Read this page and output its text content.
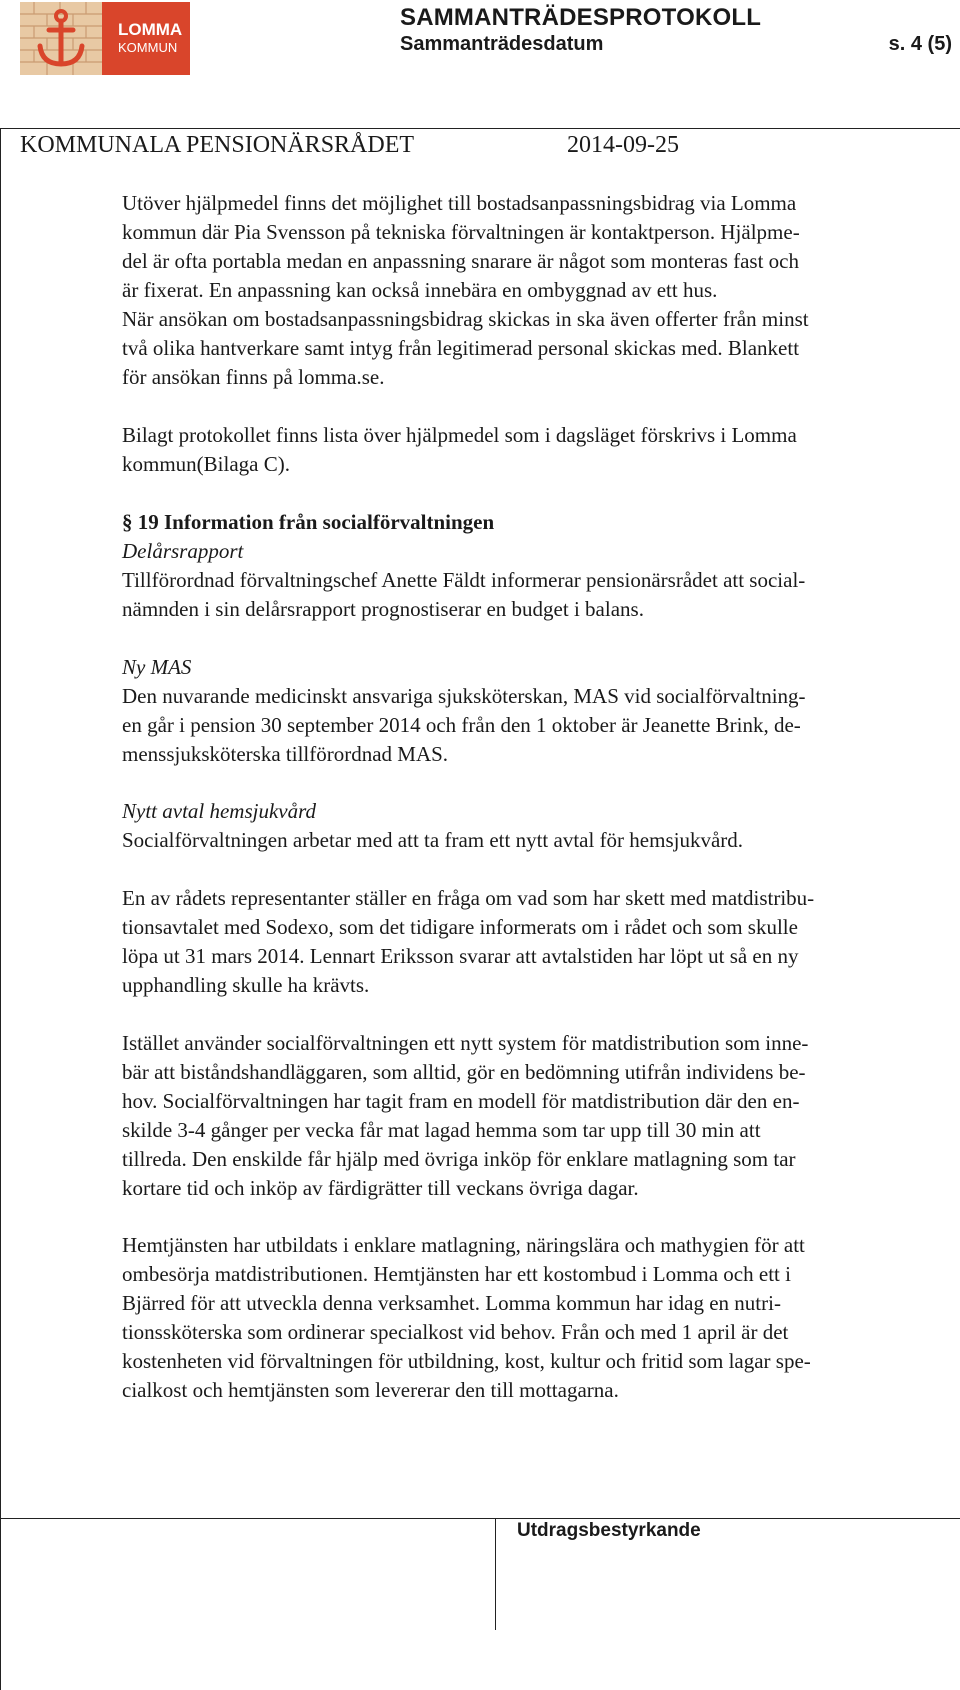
LOMMA
KOMMUN
SAMMANTRÄDESPROTOKOLL
Sammanträdesdatum	s. 4 (5)
KOMMUNALA PENSIONÄRSRÅDET	2014-09-25
Utöver hjälpmedel finns det möjlighet till bostadsanpassningsbidrag via Lomma
kommun där Pia Svensson på tekniska förvaltningen är kontaktperson. Hjälpme-
del är ofta portabla medan en anpassning snarare är något som monteras fast och
är fixerat. En anpassning kan också innebära en ombyggnad av ett hus.
När ansökan om bostadsanpassningsbidrag skickas in ska även offerter från minst
två olika hantverkare samt intyg från legitimerad personal skickas med. Blankett
för ansökan finns på lomma.se.
Bilagt protokollet finns lista över hjälpmedel som i dagsläget förskrivs i Lomma
kommun(Bilaga C).
§ 19 Information från socialförvaltningen
Delårsrapport
Tillförordnad förvaltningschef Anette Fäldt informerar pensionärsrådet att social-
nämnden i sin delårsrapport prognostiserar en budget i balans.
Ny MAS
Den nuvarande medicinskt ansvariga sjuksköterskan, MAS vid socialförvaltning-
en går i pension 30 september 2014 och från den 1 oktober är Jeanette Brink, de-
menssjuksköterska tillförordnad MAS.
Nytt avtal hemsjukvård
Socialförvaltningen arbetar med att ta fram ett nytt avtal för hemsjukvård.
En av rådets representanter ställer en fråga om vad som har skett med matdistribu-
tionsavtalet med Sodexo, som det tidigare informerats om i rådet och som skulle
löpa ut 31 mars 2014. Lennart Eriksson svarar att avtalstiden har löpt ut så en ny
upphandling skulle ha krävts.
Istället använder socialförvaltningen ett nytt system för matdistribution som inne-
bär att biståndshandläggaren, som alltid, gör en bedömning utifrån individens be-
hov. Socialförvaltningen har tagit fram en modell för matdistribution där den en-
skilde 3-4 gånger per vecka får mat lagad hemma som tar upp till 30 min att
tillreda. Den enskilde får hjälp med övriga inköp för enklare matlagning som tar
kortare tid och inköp av färdigrätter till veckans övriga dagar.
Hemtjänsten har utbildats i enklare matlagning, näringslära och mathygien för att
ombesörja matdistributionen. Hemtjänsten har ett kostombud i Lomma och ett i
Bjärred för att utveckla denna verksamhet. Lomma kommun har idag en nutri-
tionssköterska som ordinerar specialkost vid behov. Från och med 1 april är det
kostenheten vid förvaltningen för utbildning, kost, kultur och fritid som lagar spe-
cialkost och hemtjänsten som levererar den till mottagarna.
Utdragsbestyrkande
